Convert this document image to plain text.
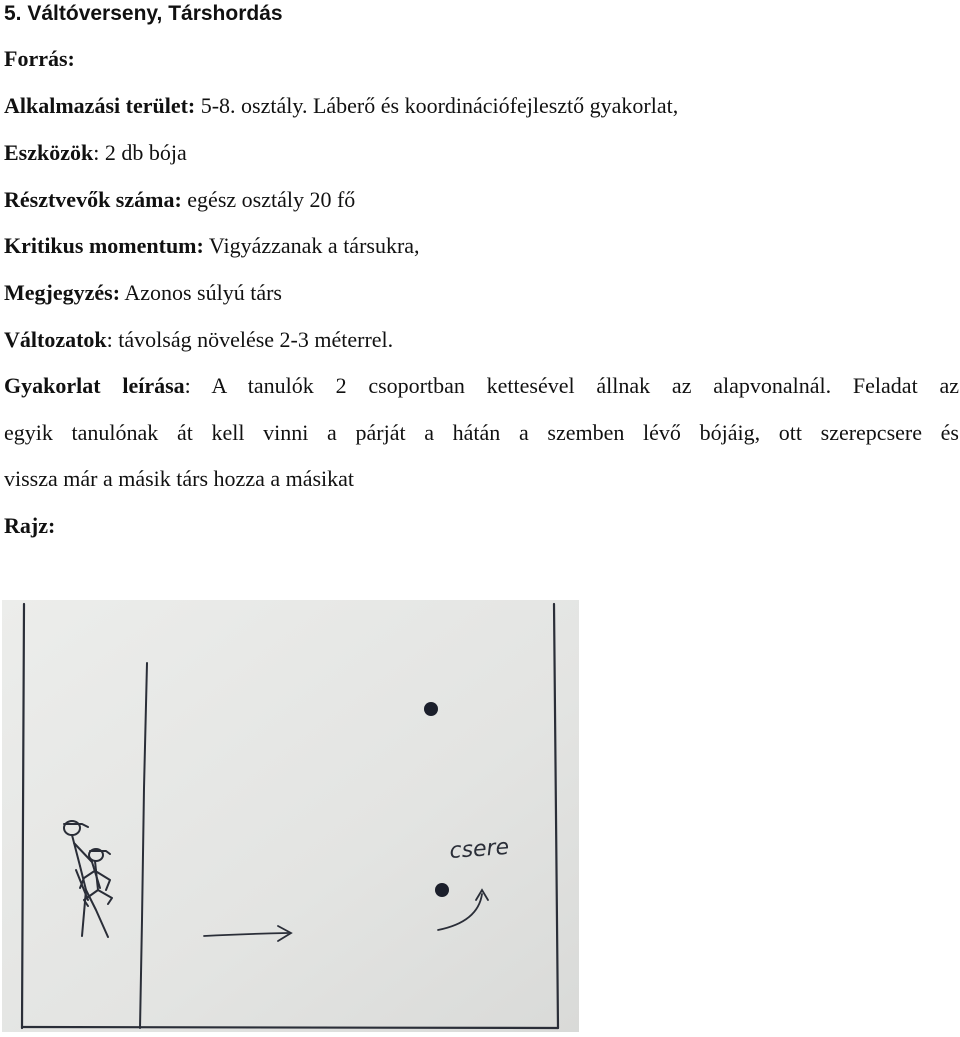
5. Váltóverseny, Társhordás
Forrás:
Alkalmazási terület: 5-8. osztály. Láberő és koordinációfejlesztő gyakorlat,
Eszközök: 2 db bója
Résztvevők száma: egész osztály 20 fő
Kritikus momentum: Vigyázzanak a társukra,
Megjegyzés: Azonos súlyú társ
Változatok: távolság növelése 2-3 méterrel.
Gyakorlat leírása: A tanulók 2 csoportban kettesével állnak az alapvonalnál. Feladat az
egyik tanulónak át kell vinni a párját a hátán a szemben lévő bójáig, ott szerepcsere és
vissza már a másik társ hozza a másikat
Rajz:
csere
